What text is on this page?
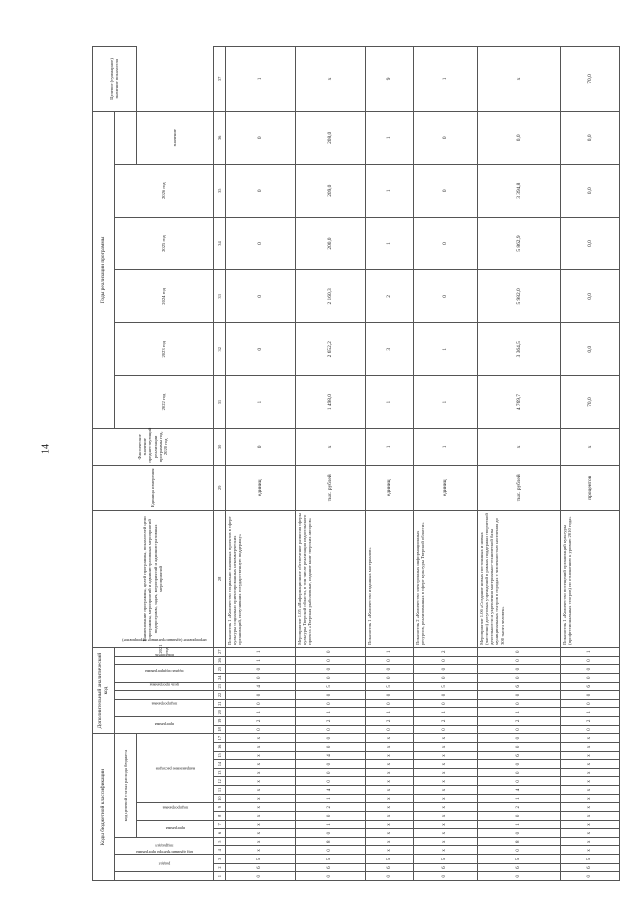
14
Коды бюджетной классификации																	Дополнительный аналитический код										Наименование программы, целей программы, показателей цели программы, мероприятий и административных мероприятий подпрограмм, задач, мероприятий и административных мероприятий	Единица измерения	Фактическое значение предшествующий реализации программы год, 2020 год	Годы реализации программы						Целевое (суммарное) значение показателя
код администратора программы	раздел		подраздел		код целевой статьи расхода бюджета												программа		подпрограмма		цель программы	задача подпрограммы	мероприятие (административное мероприятие)		показатель	2021 год				2022 год	2023 год	2024 год	2025 год	2026 год		
					программа		подпрограмма		направление расходов																										значение	
1	2	3	4	5	6	7	8	9	10	11	12	13	14	15	16	17	18	19	20	21	22	23	24	25	26	27	28	29	30	31	32	33	34	35	36	37
0	6	5	х	х	х	х	х	х	х	х	х	х	х	х	х	х	0	2	1	0	0	4	0	0	1	1	Показатель 1 «Количество социально значимых проектов в сфере культуры социально ориентированных некоммерческих организаций, получивших государственную поддержку»	единиц	0	1	0	0	0	0	0	1
0	6	5	0	8	0	1	0	2	1	4	0	0	0	4	0	0	0	2	1	0	0	5	0	0	0	0	Мероприятие 1.05 «Информационное обеспечение развития сферы культуры Тверской области, в том числе реализация издательского проекта «Тверская рыболовные, изданиe книг тверских авторов»	тыс. рублей	х	1 498,0	2 652,2	2 160,3	200,0	209,0	208,0	х
0	6	5	х	х	х	х	х	х	х	х	х	х	х	х	х	х	0	2	1	0	0	5	0	0	0	1	Показатель 1 «Количество изданных материалов»	единиц	1	1	3	2	1	1	1	9
0	6	5	х	х	х	х	х	х	х	х	х	х	х	х	х	х	0	2	1	0	0	5	0	0	0	2	Показатель 2 «Количество электронных информационных ресурсов, реализованных в сфере культуры Тверской области»	единиц	1	1	1	0	0	0	0	1
0	6	5	0	8	0	1	0	2	1	4	0	0	0	6	0	0	0	2	1	0	0	6	0	0	0	0	Мероприятие 1.06 «Создание новых постоянных и новых (частично) досуговых учреждений в рамках поддержки творческой деятельности и укрепления материально-технической базы муниципальных театров в городах с численностью населения до 300 тысяч человек»	тыс. рублей	х	4 769,7	3 364,5	5 982,0	5 862,9	3 394,8	0,0	х
0	6	5	х	х	х	х	х	х	х	х	х	х	х	х	х	х	0	2	1	0	0	6	0	0	0	1	Показатель 1 «Количество посещений организаций культуры (профессиональных театров) по отношению к уровню 2010 года»	процентов	х	70,0	0,0	0,0	0,0	0,0	0,0	70,0
